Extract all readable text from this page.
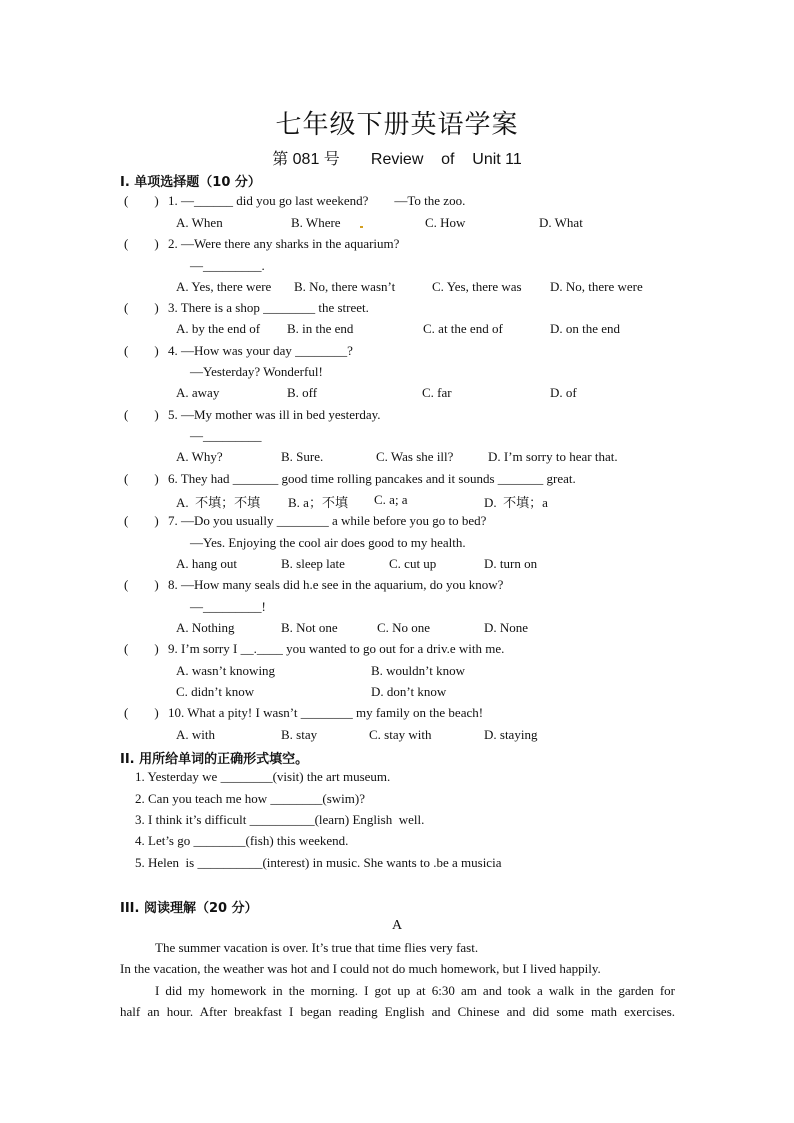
七年级下册英语学案
第 081 号       Review    of    Unit 11
I. 单项选择题（10 分）
(        ) 1. —______ did you go last weekend?        —To the zoo.
A. When	B. Where	C. How	D. What
(        ) 2. —Were there any sharks in the aquarium?
—_________.
A. Yes, there were B. No, there wasn’t	C. Yes, there was D. No, there were
(        ) 3. There is a shop ________ the street.
A. by the end of B. in the end	C. at the end of	D. on the end
(        ) 4. —How was your day ________?
—Yesterday? Wonderful!
A. away	B. off	C. far	D. of
(        ) 5. —My mother was ill in bed yesterday.
—_________
A. Why?	B. Sure.	C. Was she ill?	D. I’m sorry to hear that.
(        ) 6. They had _______ good time rolling pancakes and it sounds _______ great.
A.  不填；不填 B. a；不填 C. a; a	D.  不填；a
(        ) 7. —Do you usually ________ a while before you go to bed?
—Yes. Enjoying the cool air does good to my health.
A. hang out	B. sleep late	C. cut up	D. turn on
(        ) 8. —How many seals did h.e see in the aquarium, do you know?
—_________!
A. Nothing	B. Not one	C. No one	D. None
(        ) 9. I’m sorry I __.____ you wanted to go out for a driv.e with me.
A. wasn’t knowing	B. wouldn’t know
C. didn’t know	D. don’t know
(        ) 10. What a pity! I wasn’t ________ my family on the beach!
A. with	B. stay	C. stay with	D. staying
II. 用所给单词的正确形式填空。
1. Yesterday we ________(visit) the art museum.
2. Can you teach me how ________(swim)?
3. I think it’s difficult __________(learn) English  well.
4. Let’s go ________(fish) this weekend.
5. Helen  is __________(interest) in music. She wants to .be a musicia
III. 阅读理解（20 分）
A
The summer vacation is over. It’s true that time flies very fast.
In the vacation, the weather was hot and I could not do much homework, but I lived happily.
I did my homework in the morning. I got up at 6:30 am and took a walk in the garden for
half an hour. After breakfast I began reading English and Chinese and did some math exercises.
